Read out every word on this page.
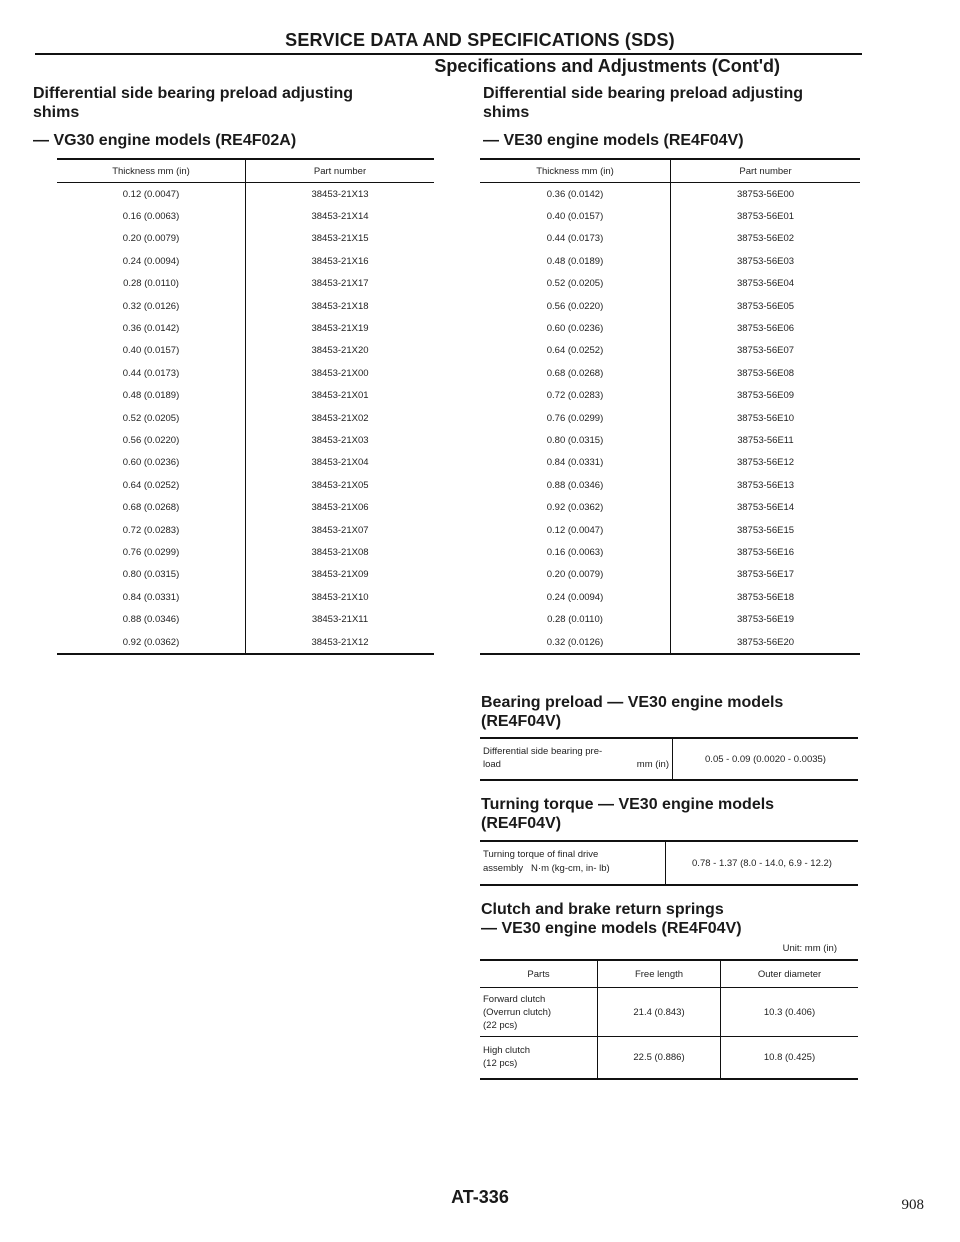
SERVICE DATA AND SPECIFICATIONS (SDS)
Specifications and Adjustments (Cont'd)
Differential side bearing preload adjusting
shims
— VG30 engine models (RE4F02A)
Thickness mm (in)	Part number
0.12 (0.0047)	38453-21X13
0.16 (0.0063)	38453-21X14
0.20 (0.0079)	38453-21X15
0.24 (0.0094)	38453-21X16
0.28 (0.0110)	38453-21X17
0.32 (0.0126)	38453-21X18
0.36 (0.0142)	38453-21X19
0.40 (0.0157)	38453-21X20
0.44 (0.0173)	38453-21X00
0.48 (0.0189)	38453-21X01
0.52 (0.0205)	38453-21X02
0.56 (0.0220)	38453-21X03
0.60 (0.0236)	38453-21X04
0.64 (0.0252)	38453-21X05
0.68 (0.0268)	38453-21X06
0.72 (0.0283)	38453-21X07
0.76 (0.0299)	38453-21X08
0.80 (0.0315)	38453-21X09
0.84 (0.0331)	38453-21X10
0.88 (0.0346)	38453-21X11
0.92 (0.0362)	38453-21X12
Differential side bearing preload adjusting
shims
— VE30 engine models (RE4F04V)
Thickness mm (in)	Part number
0.36 (0.0142)	38753-56E00
0.40 (0.0157)	38753-56E01
0.44 (0.0173)	38753-56E02
0.48 (0.0189)	38753-56E03
0.52 (0.0205)	38753-56E04
0.56 (0.0220)	38753-56E05
0.60 (0.0236)	38753-56E06
0.64 (0.0252)	38753-56E07
0.68 (0.0268)	38753-56E08
0.72 (0.0283)	38753-56E09
0.76 (0.0299)	38753-56E10
0.80 (0.0315)	38753-56E11
0.84 (0.0331)	38753-56E12
0.88 (0.0346)	38753-56E13
0.92 (0.0362)	38753-56E14
0.12 (0.0047)	38753-56E15
0.16 (0.0063)	38753-56E16
0.20 (0.0079)	38753-56E17
0.24 (0.0094)	38753-56E18
0.28 (0.0110)	38753-56E19
0.32 (0.0126)	38753-56E20
Bearing preload — VE30 engine models
(RE4F04V)
Differential side bearing pre-
load	mm (in)	0.05 - 0.09 (0.0020 - 0.0035)
Turning torque — VE30 engine models
(RE4F04V)
Turning torque of final drive
assembly   N·m (kg-cm, in- lb)	0.78 - 1.37 (8.0 - 14.0, 6.9 - 12.2)
Clutch and brake return springs
— VE30 engine models (RE4F04V)
Unit: mm (in)
Parts	Free length	Outer diameter

Forward clutch
(Overrun clutch)
(22 pcs)	21.4 (0.843)	10.3 (0.406)

High clutch
(12 pcs)	22.5 (0.886)	10.8 (0.425)
AT-336	908
